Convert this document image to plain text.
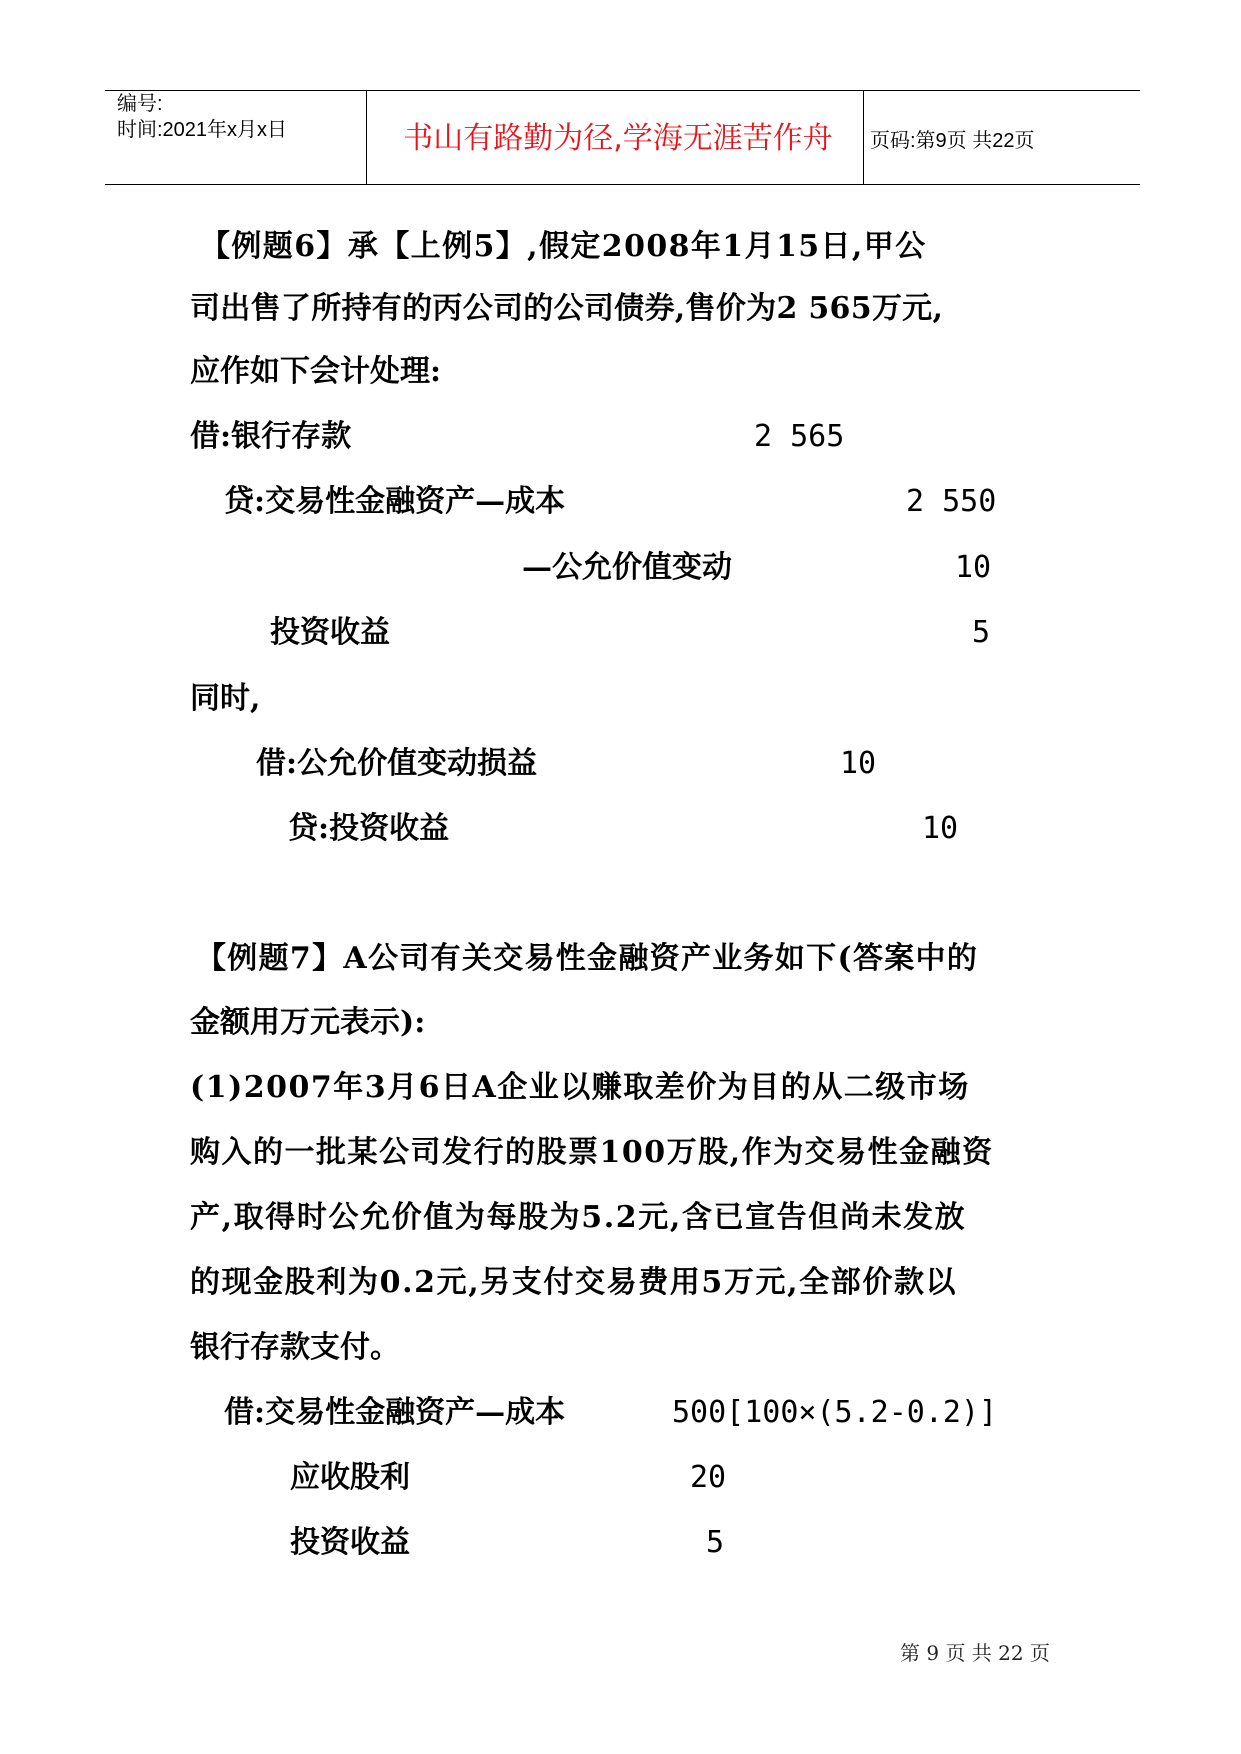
编号:
时间:2021年x月x日	书山有路勤为径,学海无涯苦作舟	页码:第9页 共22页
【例题6】承【上例5】,假定2008年1月15日,甲公
司出售了所持有的丙公司的公司债券,售价为2 565万元,
应作如下会计处理:
借:银行存款	2 565
贷:交易性金融资产—成本	2 550
—公允价值变动	10
投资收益	5
同时,
借:公允价值变动损益	10
贷:投资收益	10
【例题7】A公司有关交易性金融资产业务如下(答案中的
金额用万元表示):
(1)2007年3月6日A企业以赚取差价为目的从二级市场
购入的一批某公司发行的股票100万股,作为交易性金融资
产,取得时公允价值为每股为5.2元,含已宣告但尚未发放
的现金股利为0.2元,另支付交易费用5万元,全部价款以
银行存款支付。
借:交易性金融资产—成本	500[100×(5.2-0.2)]
应收股利	20
投资收益	5
第 9 页 共 22 页
